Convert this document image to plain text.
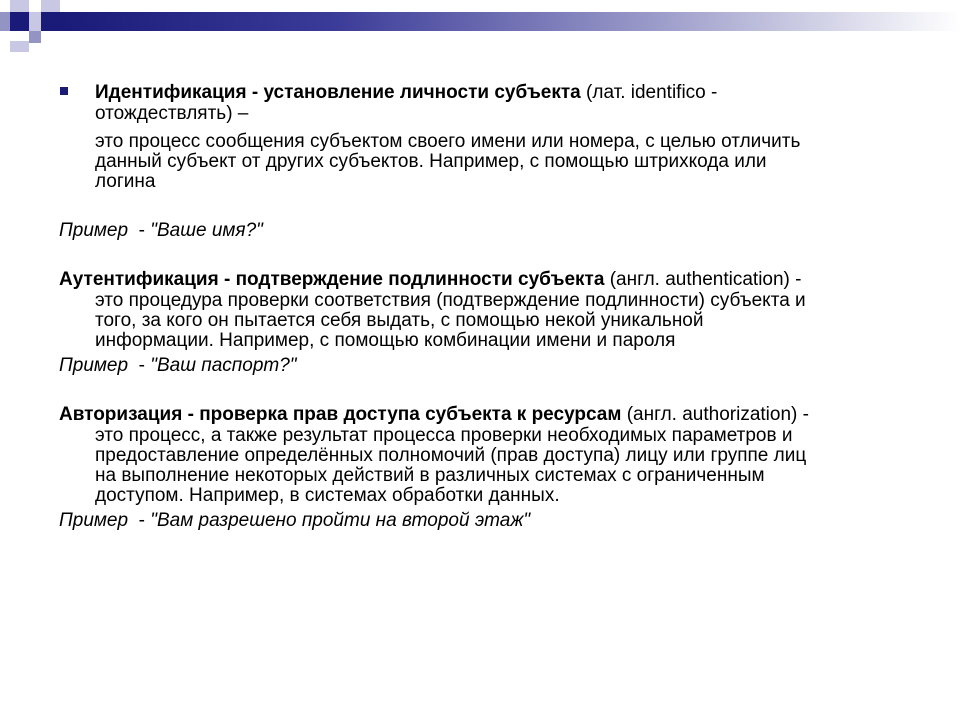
Идентификация - установление личности субъекта (лат. identifico -
отождествлять) –
это процесс сообщения субъектом своего имени или номера, с целью отличить
данный субъект от других субъектов. Например, с помощью штрихкода или
логина
Пример  - "Ваше имя?"
Аутентификация - подтверждение подлинности субъекта (англ. authentication) -
это процедура проверки соответствия (подтверждение подлинности) субъекта и
того, за кого он пытается себя выдать, с помощью некой уникальной
информации. Например, с помощью комбинации имени и пароля
Пример  - "Ваш паспорт?"
Авторизация - проверка прав доступа субъекта к ресурсам (англ. authorization) -
это процесс, а также результат процесса проверки необходимых параметров и
предоставление определённых полномочий (прав доступа) лицу или группе лиц
на выполнение некоторых действий в различных системах с ограниченным
доступом. Например, в системах обработки данных.
Пример  - "Вам разрешено пройти на второй этаж"
